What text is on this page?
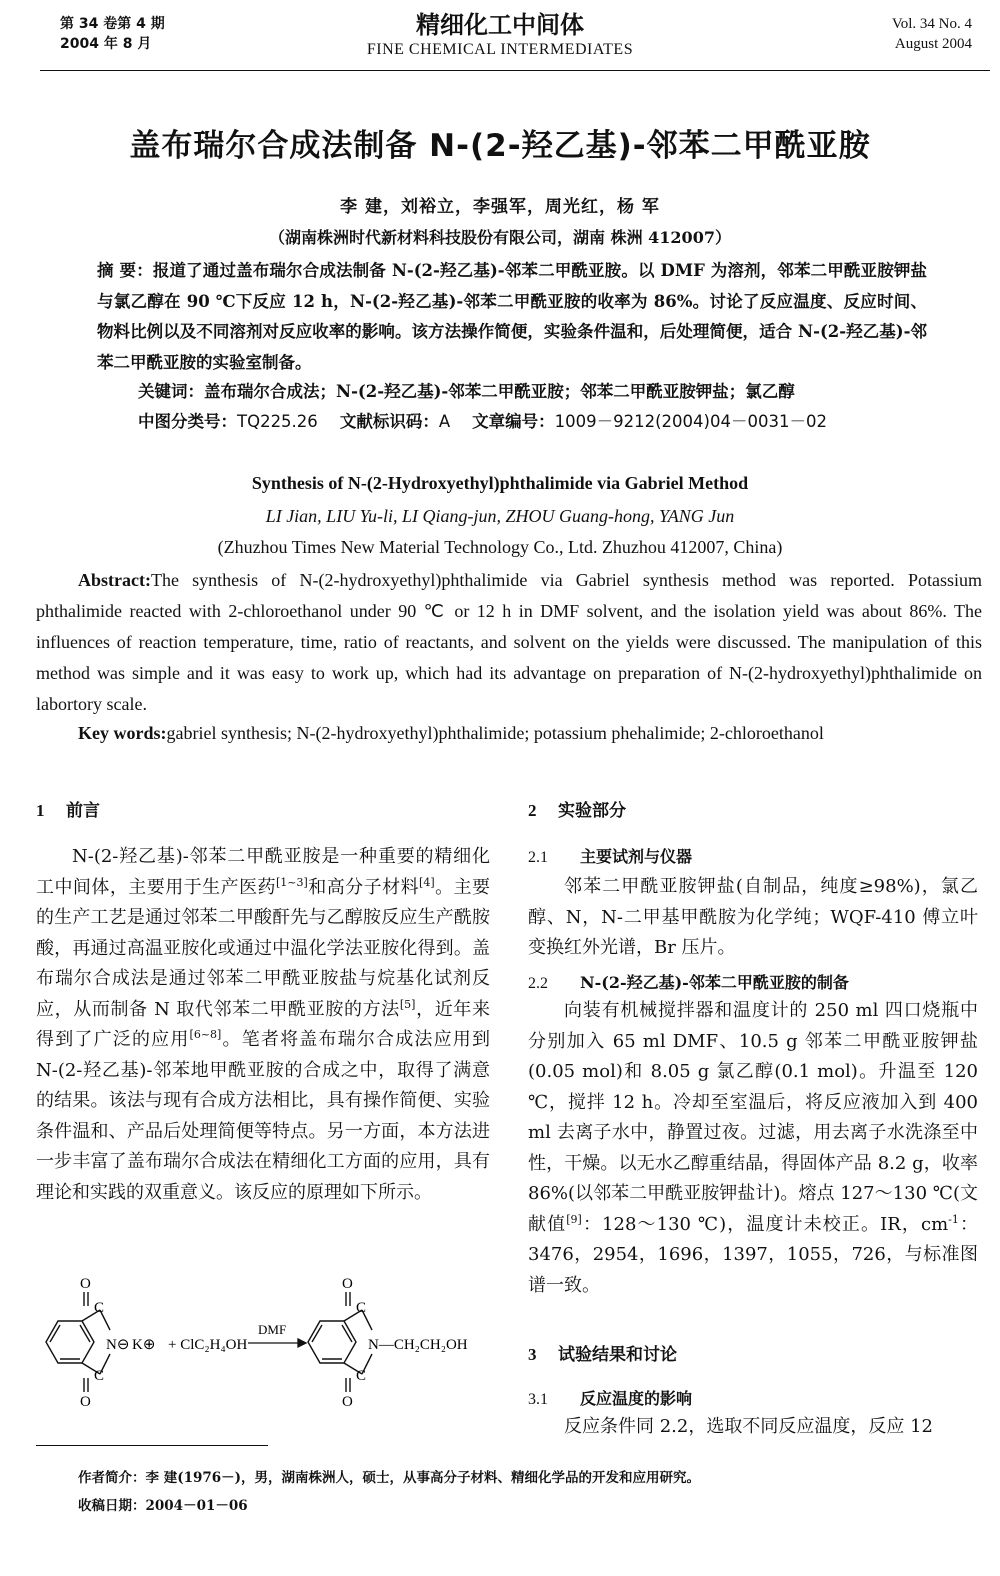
第 34 卷第 4 期
2004 年 8 月
精细化工中间体
FINE CHEMICAL INTERMEDIATES
Vol. 34 No. 4
August 2004
盖布瑞尔合成法制备 N-(2-羟乙基)-邻苯二甲酰亚胺
李 建，刘裕立，李强军，周光红，杨 军
（湖南株洲时代新材料科技股份有限公司，湖南 株洲 412007）
摘 要：报道了通过盖布瑞尔合成法制备 N-(2-羟乙基)-邻苯二甲酰亚胺。以 DMF 为溶剂，邻苯二甲酰亚胺钾盐与氯乙醇在 90 ℃下反应 12 h，N-(2-羟乙基)-邻苯二甲酰亚胺的收率为 86%。讨论了反应温度、反应时间、物料比例以及不同溶剂对反应收率的影响。该方法操作简便，实验条件温和，后处理简便，适合 N-(2-羟乙基)-邻苯二甲酰亚胺的实验室制备。
关键词：盖布瑞尔合成法；N-(2-羟乙基)-邻苯二甲酰亚胺；邻苯二甲酰亚胺钾盐；氯乙醇
中图分类号：TQ225.26 文献标识码：A 文章编号：1009－9212(2004)04－0031－02
Synthesis of N-(2-Hydroxyethyl)phthalimide via Gabriel Method
LI Jian, LIU Yu-li, LI Qiang-jun, ZHOU Guang-hong, YANG Jun
(Zhuzhou Times New Material Technology Co., Ltd. Zhuzhou 412007, China)
Abstract:The synthesis of N-(2-hydroxyethyl)phthalimide via Gabriel synthesis method was reported. Potassium phthalimide reacted with 2-chloroethanol under 90 ℃ or 12 h in DMF solvent, and the isolation yield was about 86%. The influences of reaction temperature, time, ratio of reactants, and solvent on the yields were discussed. The manipulation of this method was simple and it was easy to work up, which had its advantage on preparation of N-(2-hydroxyethyl)phthalimide on labortory scale.
Key words:gabriel synthesis; N-(2-hydroxyethyl)phthalimide; potassium phehalimide; 2-chloroethanol
1 前言
N-(2-羟乙基)-邻苯二甲酰亚胺是一种重要的精细化工中间体，主要用于生产医药[1~3]和高分子材料[4]。主要的生产工艺是通过邻苯二甲酸酐先与乙醇胺反应生产酰胺酸，再通过高温亚胺化或通过中温化学法亚胺化得到。盖布瑞尔合成法是通过邻苯二甲酰亚胺盐与烷基化试剂反应，从而制备 N 取代邻苯二甲酰亚胺的方法[5]，近年来得到了广泛的应用[6~8]。笔者将盖布瑞尔合成法应用到 N-(2-羟乙基)-邻苯地甲酰亚胺的合成之中，取得了满意的结果。该法与现有合成方法相比，具有操作简便、实验条件温和、产品后处理简便等特点。另一方面，本方法进一步丰富了盖布瑞尔合成法在精细化工方面的应用，具有理论和实践的双重意义。该反应的原理如下所示。
O
C
N⊖ K⊕
C
O
+ ClC₂H₄OH
DMF
O
C
N—CH₂CH₂OH
C
O
2 实验部分
2.1 主要试剂与仪器
邻苯二甲酰亚胺钾盐(自制品，纯度≥98%)，氯乙醇、N，N-二甲基甲酰胺为化学纯；WQF-410 傅立叶变换红外光谱，Br 压片。
2.2 N-(2-羟乙基)-邻苯二甲酰亚胺的制备
向装有机械搅拌器和温度计的 250 ml 四口烧瓶中分别加入 65 ml DMF、10.5 g 邻苯二甲酰亚胺钾盐(0.05 mol)和 8.05 g 氯乙醇(0.1 mol)。升温至 120 ℃，搅拌 12 h。冷却至室温后，将反应液加入到 400 ml 去离子水中，静置过夜。过滤，用去离子水洗涤至中性，干燥。以无水乙醇重结晶，得固体产品 8.2 g，收率 86%(以邻苯二甲酰亚胺钾盐计)。熔点 127～130 ℃(文献值[9]：128～130 ℃)，温度计未校正。IR，$cm^{-1}$：3476，2954，1696，1397，1055，726，与标准图谱一致。
3 试验结果和讨论
3.1 反应温度的影响
反应条件同 2.2，选取不同反应温度，反应 12
作者简介：李 建(1976－)，男，湖南株洲人，硕士，从事高分子材料、精细化学品的开发和应用研究。
收稿日期：2004－01－06
